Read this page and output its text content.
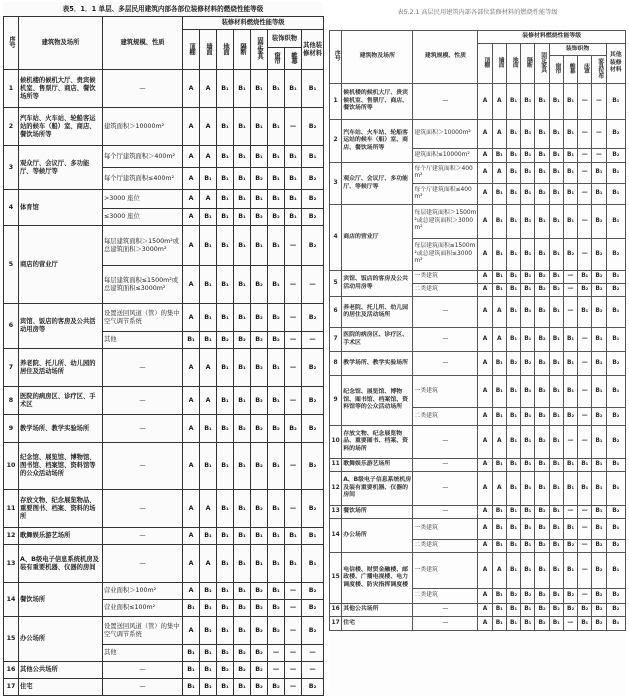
表5．1．1 单层、多层民用建筑内部各部位装修材料的燃烧性能等级
序号	建筑物及场所	建筑规模、性质	装修材料燃烧性能等级							
			顶棚	墙面	地面	隔断	固定家具	装饰织物		其他装修材料
								窗帘	帷幕	
1	候机楼的候机大厅、贵宾候机室、售票厅、商店、餐饮场所等	—	A	A	B₁	B₁	B₁	B₁	B₁	B₁
2	汽车站、火车站、轮船客运站的候车（船）室、商店、餐饮场所等	建筑面积＞10000m²	A	A	B₁	B₁	B₁	B₁	—	B₂
3	观众厅、会议厅、多功能厅、等候厅等	每个厅建筑面积＞400m²	A	A	B₁	B₁	B₁	B₁	B₁	B₁
		每个厅建筑面积≤400m²	A	B₁	B₁	B₁	B₂	B₁	B₁	B₂
4	体育馆	>3000 座位	A	A	B₁	B₁	B₁	B₁	B₁	B₂
		≤3000 座位	A	B₁	B₁	B₁	B₂	B₂	B₁	B₂
5	商店的营业厅	每层建筑面积＞1500m²或总建筑面积＞3000m²	A	B₁	B₁	B₁	B₁	B₁	—	B₂
		每层建筑面积≤1500m²或总建筑面积≤3000m²	A	B₁	B₁	B₁	B₂	B₁	—	—
6	宾馆、饭店的客房及公共活动用房等	设置送回风道（管）的集中空气调节系统	A	B₁	B₁	B₁	B₂	B₂	—	B₂
		其他	B₁	B₁	B₂	B₂	B₂	B₂	—	—
7	养老院、托儿所、幼儿园的居住及活动场所	—	A	A	B₁	B₁	B₂	B₁	—	B₂
8	医院的病房区、诊疗区、手术区	—	A	A	B₁	B₁	B₂	B₁	—	B₂
9	教学场所、教学实验场所	—	A	B₁	B₂	B₂	B₂	B₂	B₂	B₂
10	纪念馆、展览馆、博物馆、图书馆、档案馆、资料馆等的公众活动场所	—	A	B₁	B₁	B₁	B₂	B₁	—	B₂
11	存放文物、纪念展览物品、重要图书、档案、资料的场所	—	A	A	B₁	B₁	B₂	B₁	—	B₂
12	歌舞娱乐游艺场所	—	A	B₁	B₁	B₁	B₁	B₁	B₁	B₁
13	A、B级电子信息系统机房及装有重要机器、仪器的房间	—	A	A	B₁	B₁	B₁	B₁	B₁	B₁
14	餐饮场所	营业面积＞100m²	A	B₁	B₁	B₁	B₂	B₁	—	B₂
		营业面积≤100m²	B₁	B₁	B₁	B₂	B₂	B₂	—	B₂
15	办公场所	设置送回风道（管）的集中空气调节系统	A	B₁	B₁	B₁	B₂	B₂	—	B₂
		其他	B₁	B₁	B₂	B₂	B₂	—	—	—
16	其他公共场所	—	B₁	B₁	B₂	B₂	B₂	—	—	—
17	住宅	—	B₁	B₁	B₁	B₁	B₂	B₂	—	B₂
表5.2.1 高层民用建筑内部各部位装修材料的燃烧性能等级
序号	建筑物及场所	建筑规模、性质	装修材料燃烧性能等级									
			顶棚	墙面	地面	隔断	固定家具	装饰织物				其他装修材料
								窗帘	帷幕	床罩	家具包布	
1	候机楼的候机大厅、贵宾候机室、售票厅、商店、餐饮场所等	—	A	A	B₁	B₁	B₁	B₁	B₁	—	—	B₁
2	汽车站、火车站、轮船客运站的候车（船）室、商店、餐饮场所等	建筑面积＞10000m²	A	A	B₁	B₁	B₁	B₁	B₁	—	—	B₂
		建筑面积≤10000m²	A	B₁	B₁	B₁	B₁	B₁	B₁	—	—	B₂
3	观众厅、会议厅、多功能厅、等候厅等	每个厅建筑面积＞400m²	A	A	B₁	B₁	B₁	B₁	B₁	—	B₁	B₁
		每个厅建筑面积≤400m²	A	B₁	B₁	B₁	B₂	B₁	B₁	—	B₁	B₁
4	商店的营业厅	每层建筑面积＞1500m²或总建筑面积＞3000m²	A	B₁	B₁	B₁	B₁	B₁	B₁	—	B₂	B₁
		每层建筑面积≤1500m²或总建筑面积≤3000m²	A	B₁	B₁	B₁	B₁	B₁	B₂	—	B₂	B₂
5	宾馆、饭店的客房及公共活动用房等	一类建筑	A	B₁	B₁	B₁	B₂	B₁	—	B₁	B₂	B₁
		二类建筑	A	B₁	B₁	B₁	B₂	B₂	—	B₂	B₂	B₂
6	养老院、托儿所、幼儿园的居住及活动场所	—	A	A	B₁	B₁	B₂	B₁	—	B₁	B₂	B₁
7	医院的病房区、诊疗区、手术区	—	A	A	B₁	B₁	B₂	B₁	B₁	—	B₁	B₁
8	教学场所、教学实验场所	—	A	B₁	B₂	B₂	B₂	B₁	B₁	—	B₁	B₂
9	纪念馆、展览馆、博物馆、图书馆、档案馆、资料馆等的公众活动场所	一类建筑	A	B₁	B₁	B₁	B₂	B₁	B₁	—	B₁	B₁
		二类建筑	A	B₁	B₁	B₁	B₂	B₁	B₂	—	B₂	B₂
10	存放文物、纪念展览物品、重要图书、档案、资料的场所	—	A	A	B₁	B₁	B₂	B₁	—	—	B₁	B₂
11	歌舞娱乐游艺场所	—	A	B₁	B₁	B₁	B₁	B₁	B₁	B₁	B₁	B₁
12	A、B级电子信息系统机房及装有重要机器、仪器的房间	—	A	A	B₁	B₁	B₁	B₁	B₁	B₁	B₁	B₁
13	餐饮场所	—	A	B₁	B₁	B₁	B₂	B₁	—	—	B₁	B₂
14	办公场所	一类建筑	A	B₁	B₁	B₁	B₂	B₁	B₁	—	B₁	B₁
		二类建筑	A	B₁	B₁	B₁	B₂	B₁	B₂	—	B₂	B₂
15	电信楼、财贸金融楼、邮政楼、广播电视楼、电力调度楼、防灾指挥调度楼	一类建筑	A	A	B₁	B₁	B₁	B₁	B₁	—	B₂	B₁
		二类建筑	A	B₁	B₂	B₂	B₂	B₁	B₂	—	B₂	B₂
16	其他公共场所	—	A	B₁	B₁	B₁	B₂	B₂	B₂	B₂	B₂	B₂
17	住宅	—	A	B₁	B₁	B₁	B₂	B₁	—	B₁	B₂	B₁
